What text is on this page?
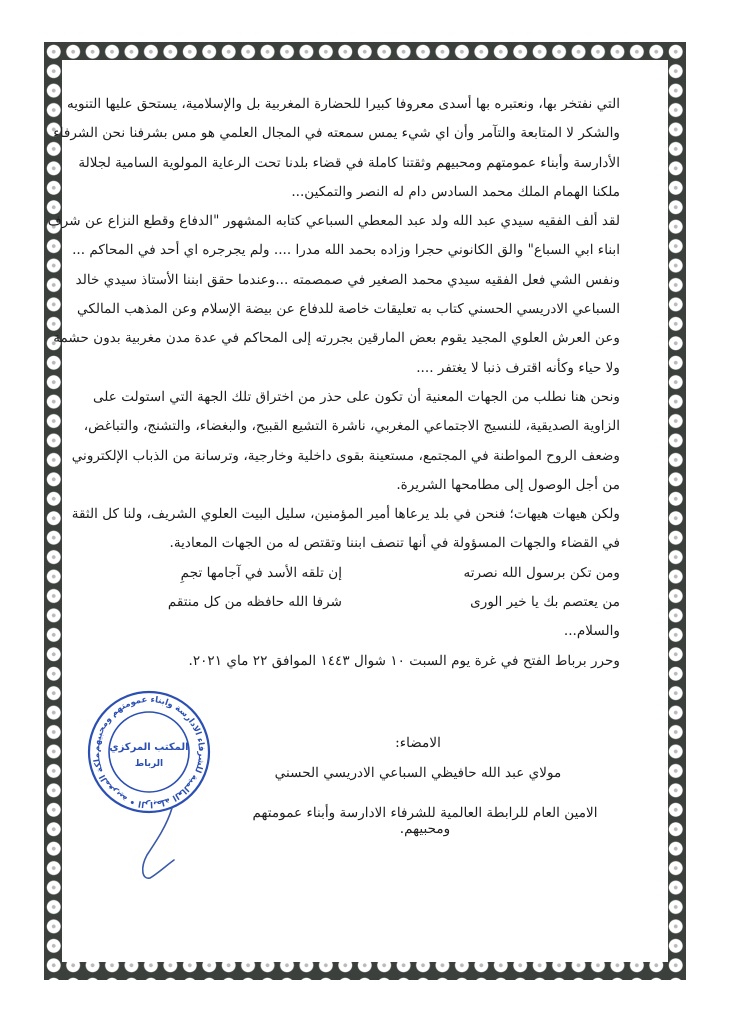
التي نفتخر بها، ونعتبره بها أسدى معروفا كبيرا للحضارة المغربية بل والإسلامية، يستحق عليها التنويه
والشكر لا المتابعة والتآمر وأن اي شيء يمس سمعته في المجال العلمي هو مس بشرفنا نحن الشرفاء
الأدارسة وأبناء عمومتهم ومحبيهم وثقتنا كاملة في قضاء بلدنا تحت الرعاية المولوية السامية لجلالة
ملكنا الهمام الملك محمد السادس دام له النصر والتمكين...
لقد ألف الفقيه سيدي عبد الله ولد عبد المعطي السباعي كتابه المشهور "الدفاع وقطع النزاع عن شرف
ابناء ابي السباع" والق الكانوني حجرا وزاده بحمد الله مدرا .... ولم يجرجره اي أحد في المحاكم ...
ونفس الشي فعل الفقيه سيدي محمد الصغير في صمصمته ...وعندما حقق ابننا الأستاذ سيدي خالد
السباعي الادريسي الحسني كتاب به تعليقات خاصة للدفاع عن بيضة الإسلام وعن المذهب المالكي
وعن العرش العلوي المجيد يقوم بعض المارقين بجررته إلى المحاكم في عدة مدن مغربية بدون حشمة
ولا حياء وكأنه اقترف ذنبا لا يغتفر ....
ونحن هنا نطلب من الجهات المعنية أن تكون على حذر من اختراق تلك الجهة التي استولت على
الزاوية الصديقية، للنسيج الاجتماعي المغربي، ناشرة التشيع القبيح، والبغضاء، والتشنج، والتباغض،
وضعف الروح المواطنة في المجتمع، مستعينة بقوى داخلية وخارجية، وترسانة من الذباب الإلكتروني
من أجل الوصول إلى مطامحها الشريرة.
ولكن هيهات هيهات؛ فنحن في بلد يرعاها أمير المؤمنين، سليل البيت العلوي الشريف، ولنا كل الثقة
في القضاء والجهات المسؤولة في أنها تنصف ابننا وتقتص له من الجهات المعادية.
ومن تكن برسول الله نصرته
إن تلقه الأسد في آجامها تجمِ
من يعتصم بك يا خير الورى
شرفا الله حافظه من كل منتقم
والسلام...
وحرر برباط الفتح في غرة يوم السبت ١٠ شوال ١٤٤٣ الموافق ٢٢ ماي ٢٠٢١.
الامضاء:
مولاي عبد الله حافيظي السباعي الادريسي الحسني
الامين العام للرابطة العالمية للشرفاء الادارسة وأبناء عمومتهم ومحبيهم.
ملكة المغربية • الرابطة العالمية للشرفاء الادارسة وابناء عمومتهم ومحبيهم
المكتب المركزي
الرباط
